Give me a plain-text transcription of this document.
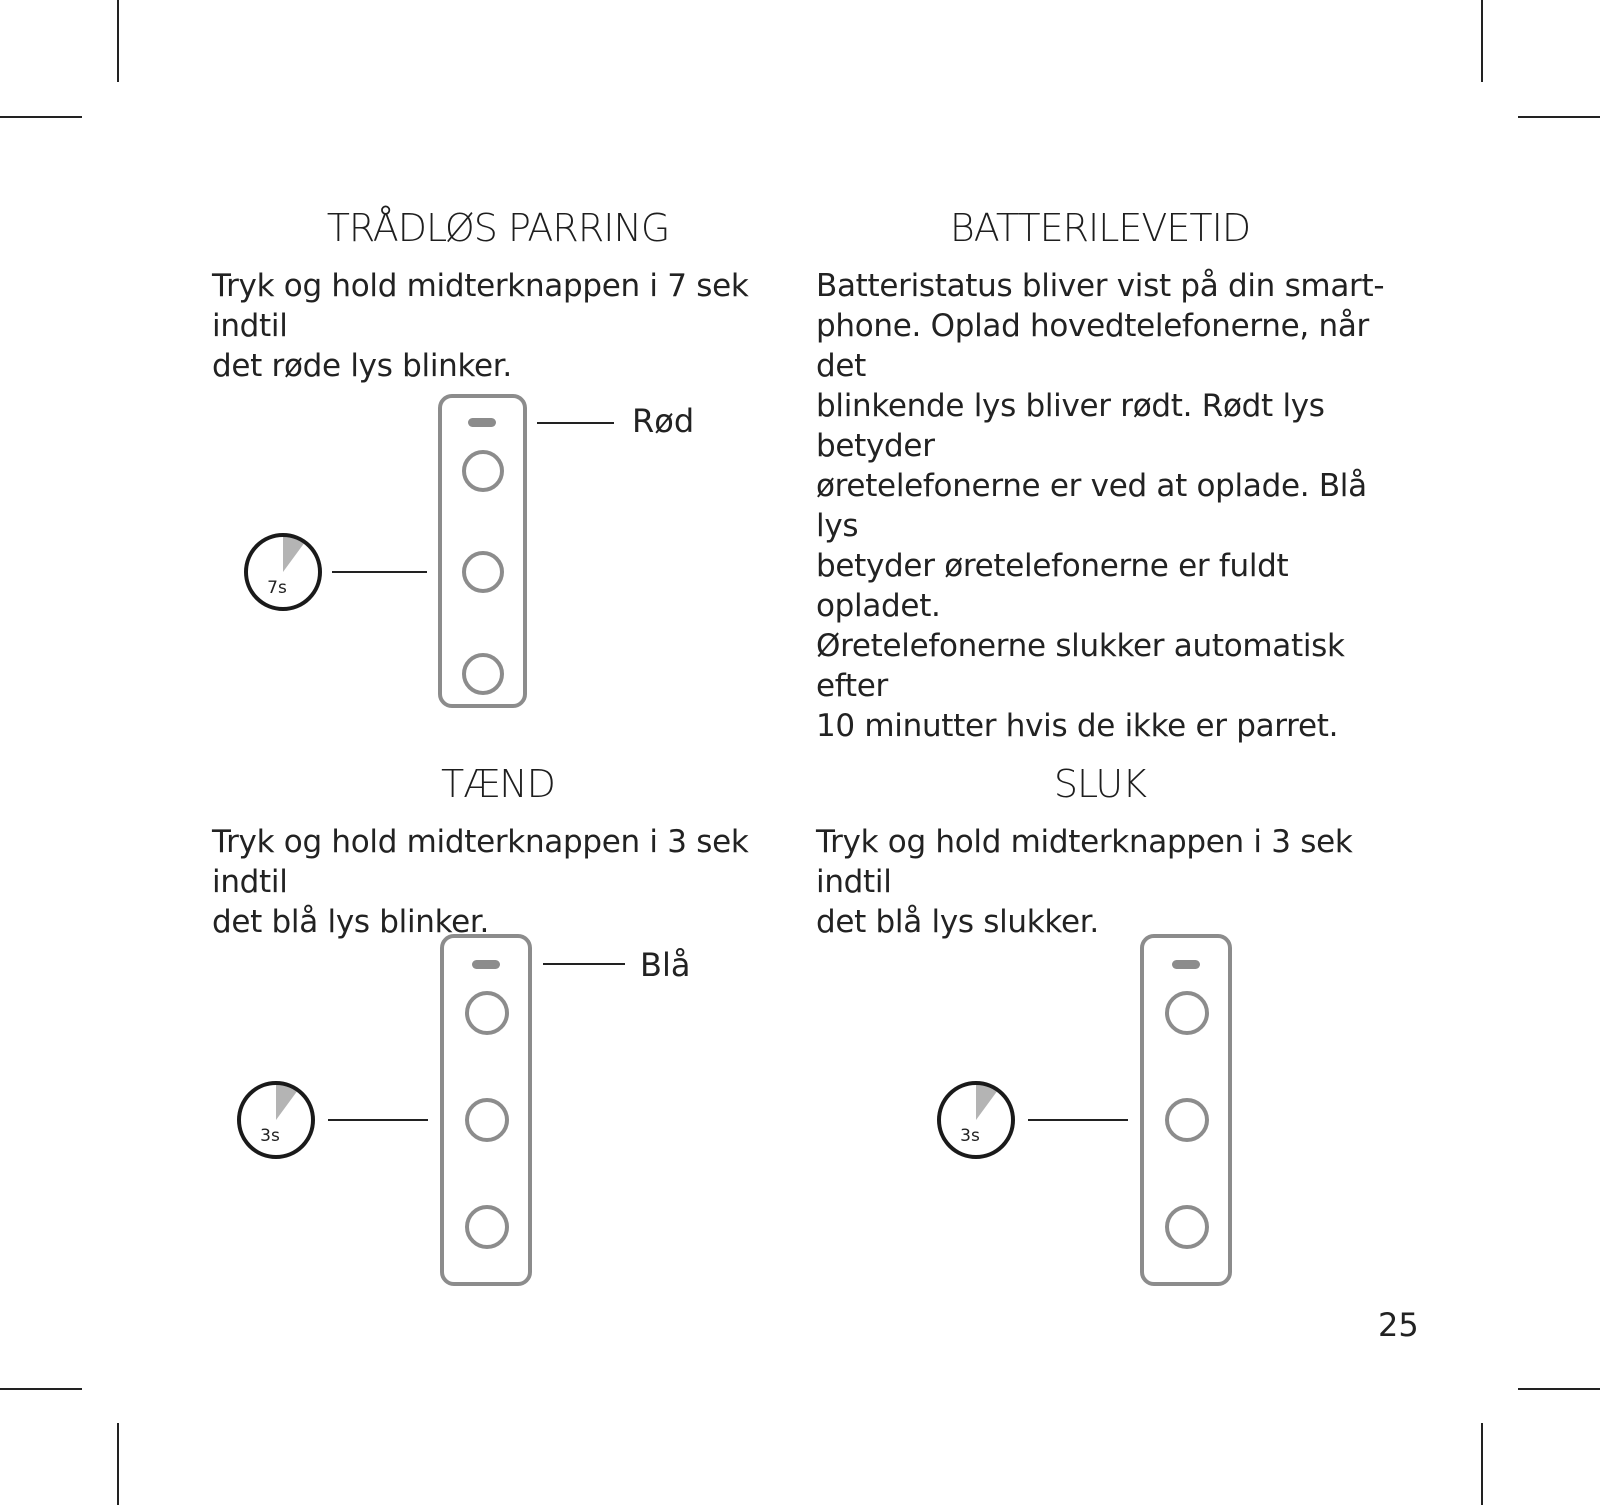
TRÅDLØS PARRING

Tryk og hold midterknappen i 7 sek indtil
det røde lys blinker.

7s

Rød

BATTERILEVETID

Batteristatus bliver vist på din smart-
phone. Oplad hovedtelefonerne, når det
blinkende lys bliver rødt. Rødt lys betyder
øretelefonerne er ved at oplade. Blå lys
betyder øretelefonerne er fuldt opladet.
Øretelefonerne slukker automatisk efter
10 minutter hvis de ikke er parret.

TÆND

Tryk og hold midterknappen i 3 sek indtil
det blå lys blinker.

3s

Blå

SLUK

Tryk og hold midterknappen i 3 sek indtil
det blå lys slukker.

3s

25
